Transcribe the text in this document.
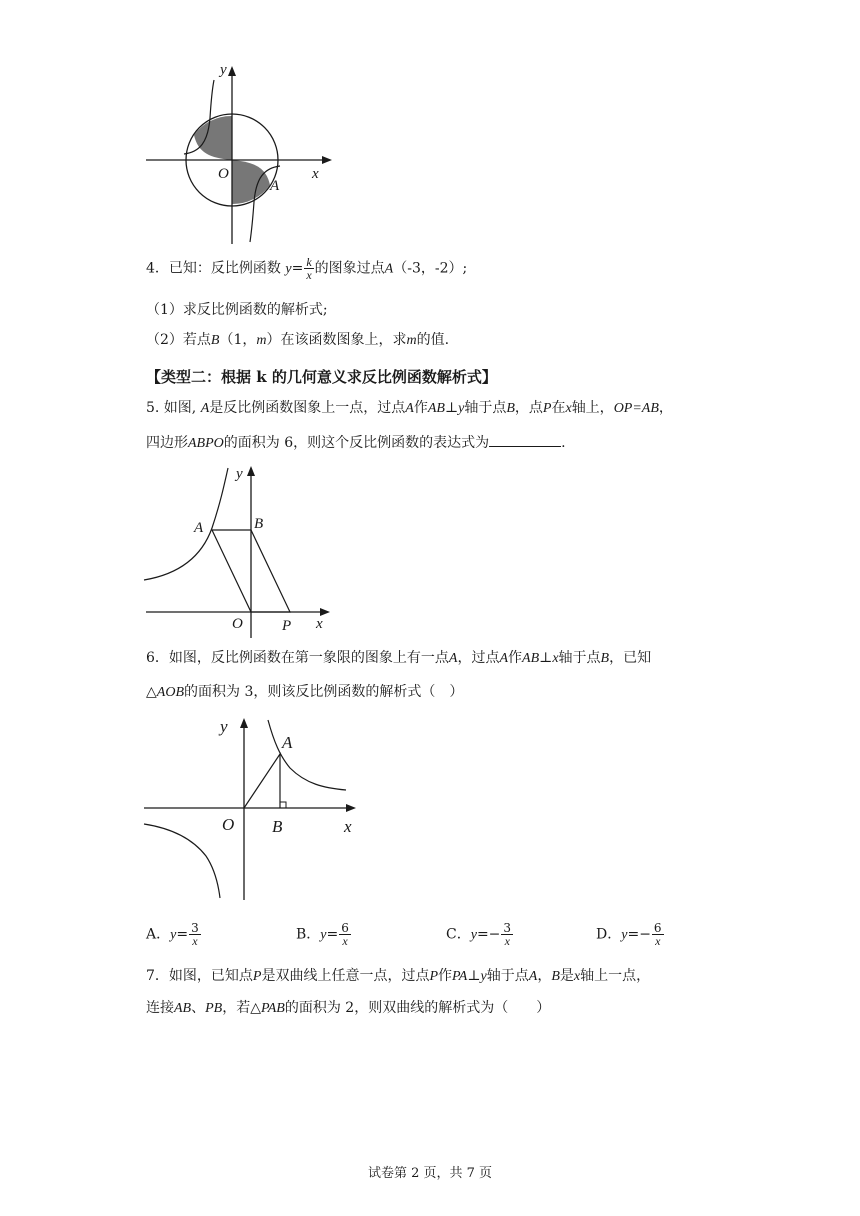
y
x
O
A
4．已知：反比例函数 $y= \frac{k}{x}$ 的图象过点A（-3，-2）;
（1）求反比例函数的解析式;
（2）若点B（1，m）在该函数图象上，求m的值.
【类型二：根据 k 的几何意义求反比例函数解析式】
5. 如图, A是反比例函数图象上一点，过点A作AB⊥y轴于点B，点P在x轴上，OP=AB，
四边形ABPO的面积为 6，则这个反比例函数的表达式为	.
y
x
A	B
O	P
6．如图，反比例函数在第一象限的图象上有一点A，过点A作AB⊥x轴于点B，已知
△AOB的面积为 3，则该反比例函数的解析式（　）
y
x
A
B
O
A．$y= \frac{3}{x}$	B．$y= \frac{6}{x}$	C．$y=- \frac{3}{x}$	D．$y=- \frac{6}{x}$
7．如图，已知点P是双曲线上任意一点，过点P作PA⊥y轴于点A，B是x轴上一点，
连接AB、PB，若△PAB的面积为 2，则双曲线的解析式为（　　）
试卷第 2 页，共 7 页
